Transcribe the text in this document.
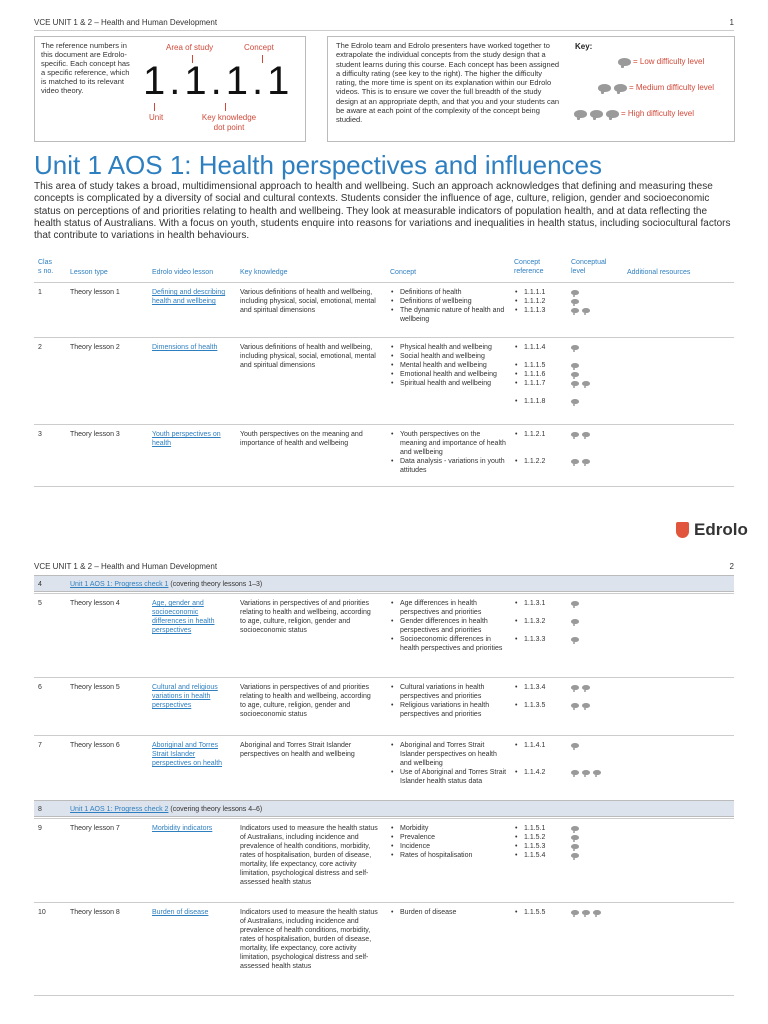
VCE UNIT 1 & 2 – Health and Human Development	1
The reference numbers in this document are Edrolo-specific. Each concept has a specific reference, which is matched to its relevant video theory.
Area of study	Concept
1.1.1.1
Unit	Key knowledge dot point
The Edrolo team and Edrolo presenters have worked together to extrapolate the individual concepts from the study design that a student learns during this course. Each concept has been assigned a difficulty rating (see key to the right). The higher the difficulty rating, the more time is spent on its explanation within our Edrolo videos. This is to ensure we cover the full breadth of the study design at an appropriate depth, and that you and your students can be aware at each point of the complexity of the concept being studied.
Key:
= Low difficulty level
= Medium difficulty level
= High difficulty level
Unit 1 AOS 1: Health perspectives and influences
This area of study takes a broad, multidimensional approach to health and wellbeing. Such an approach acknowledges that defining and measuring these concepts is complicated by a diversity of social and cultural contexts. Students consider the influence of age, culture, religion, gender and socioeconomic status on perceptions of and priorities relating to health and wellbeing. They look at measurable indicators of population health, and at data reflecting the health status of Australians. With a focus on youth, students enquire into reasons for variations and inequalities in health status, including sociocultural factors that contribute to variations in health behaviours.
Clas
s no. Lesson type	Edrolo video lesson	Key knowledge	Concept
Concept
reference
Conceptual
level	Additional resources
1	Theory lesson 1	Defining and describing health and wellbeing
Various definitions of health and wellbeing, including physical, social, emotional, mental and spiritual dimensions
• Definitions of health
• Definitions of wellbeing
• The dynamic nature of health and wellbeing
• 1.1.1.1
• 1.1.1.2
• 1.1.1.3
2	Theory lesson 2	Dimensions of health	Various definitions of health and wellbeing, including physical, social, emotional, mental and spiritual dimensions
• Physical health and wellbeing
• Social health and wellbeing
• Mental health and wellbeing
• Emotional health and wellbeing
• Spiritual health and wellbeing
• 1.1.1.4
• 1.1.1.5
• 1.1.1.6
• 1.1.1.7
• 1.1.1.8
3	Theory lesson 3	Youth perspectives on health
Youth perspectives on the meaning and importance of health and wellbeing
• Youth perspectives on the meaning and importance of health and wellbeing
• Data analysis - variations in youth attitudes
• 1.1.2.1
• 1.1.2.2
Edrolo
VCE UNIT 1 & 2 – Health and Human Development	2
4	Unit 1 AOS 1: Progress check 1 (covering theory lessons 1–3)
5	Theory lesson 4	Age, gender and socioeconomic differences in health perspectives
Variations in perspectives of and priorities relating to health and wellbeing, according to age, culture, religion, gender and socioeconomic status
• Age differences in health perspectives and priorities
• Gender differences in health perspectives and priorities
• Socioeconomic differences in health perspectives and priorities
• 1.1.3.1
• 1.1.3.2
• 1.1.3.3
6	Theory lesson 5	Cultural and religious variations in health perspectives
Variations in perspectives of and priorities relating to health and wellbeing, according to age, culture, religion, gender and socioeconomic status
• Cultural variations in health perspectives and priorities
• Religious variations in health perspectives and priorities
• 1.1.3.4
• 1.1.3.5
7	Theory lesson 6	Aboriginal and Torres Strait Islander perspectives on health
Aboriginal and Torres Strait Islander perspectives on health and wellbeing
• Aboriginal and Torres Strait Islander perspectives on health and wellbeing
• Use of Aboriginal and Torres Strait Islander health status data
• 1.1.4.1
• 1.1.4.2
8	Unit 1 AOS 1: Progress check 2 (covering theory lessons 4–6)
9	Theory lesson 7	Morbidity indicators	Indicators used to measure the health status of Australians, including incidence and prevalence of health conditions, morbidity, rates of hospitalisation, burden of disease, mortality, life expectancy, core activity limitation, psychological distress and self-assessed health status
• Morbidity
• Prevalence
• Incidence
• Rates of hospitalisation
• 1.1.5.1
• 1.1.5.2
• 1.1.5.3
• 1.1.5.4
10	Theory lesson 8	Burden of disease	Indicators used to measure the health status of Australians, including incidence and prevalence of health conditions, morbidity, rates of hospitalisation, burden of disease, mortality, life expectancy, core activity limitation, psychological distress and self-assessed health status
• Burden of disease
•	1.1.5.5
